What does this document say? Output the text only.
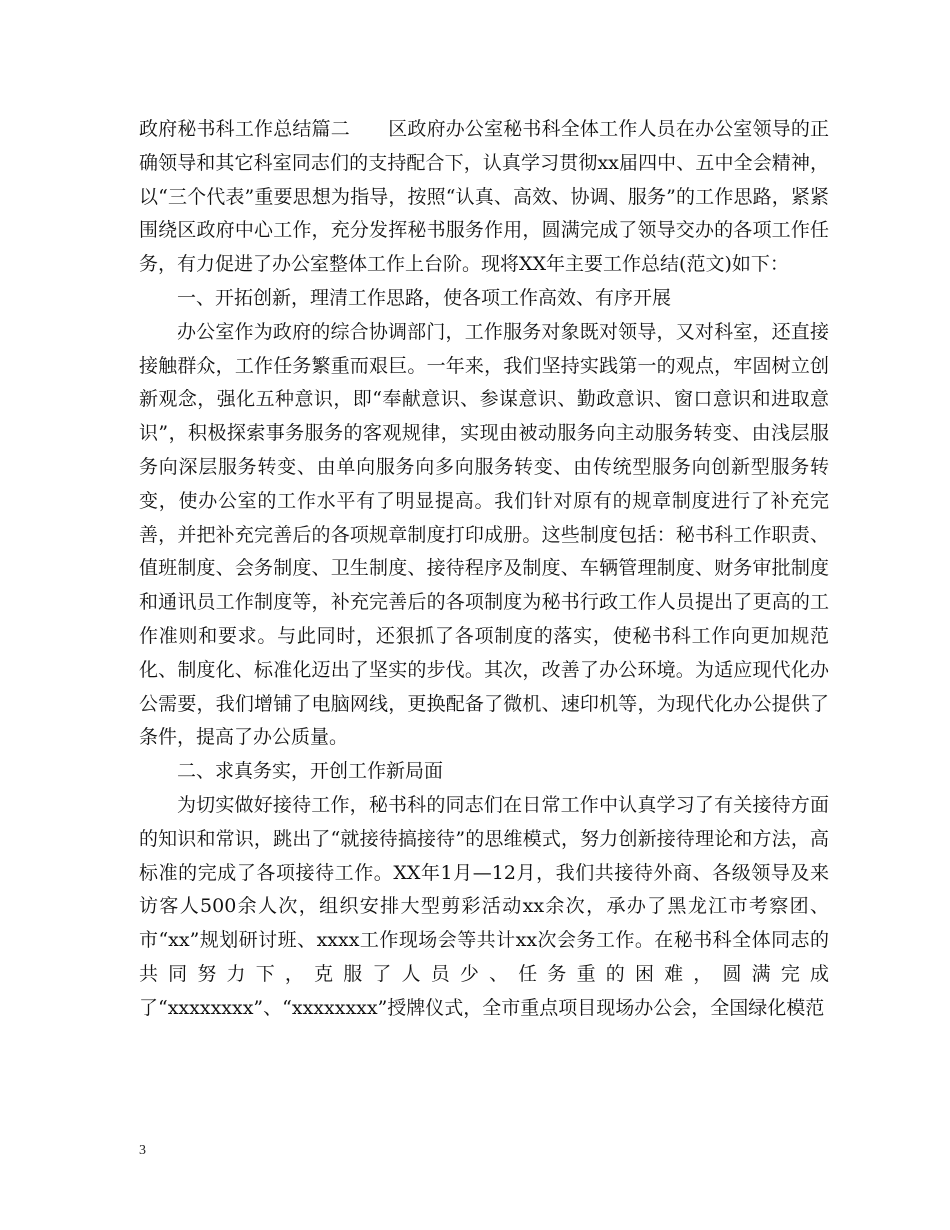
政府秘书科工作总结篇二　　区政府办公室秘书科全体工作人员在办公室领导的正确领导和其它科室同志们的支持配合下，认真学习贯彻xx届四中、五中全会精神，以“三个代表”重要思想为指导，按照“认真、高效、协调、服务”的工作思路，紧紧围绕区政府中心工作，充分发挥秘书服务作用，圆满完成了领导交办的各项工作任务，有力促进了办公室整体工作上台阶。现将XX年主要工作总结(范文)如下：

一、开拓创新，理清工作思路，使各项工作高效、有序开展

办公室作为政府的综合协调部门，工作服务对象既对领导，又对科室，还直接接触群众，工作任务繁重而艰巨。一年来，我们坚持实践第一的观点，牢固树立创新观念，强化五种意识，即“奉献意识、参谋意识、勤政意识、窗口意识和进取意识”，积极探索事务服务的客观规律，实现由被动服务向主动服务转变、由浅层服务向深层服务转变、由单向服务向多向服务转变、由传统型服务向创新型服务转变，使办公室的工作水平有了明显提高。我们针对原有的规章制度进行了补充完善，并把补充完善后的各项规章制度打印成册。这些制度包括：秘书科工作职责、值班制度、会务制度、卫生制度、接待程序及制度、车辆管理制度、财务审批制度和通讯员工作制度等，补充完善后的各项制度为秘书行政工作人员提出了更高的工作准则和要求。与此同时，还狠抓了各项制度的落实，使秘书科工作向更加规范化、制度化、标准化迈出了坚实的步伐。其次，改善了办公环境。为适应现代化办公需要，我们增铺了电脑网线，更换配备了微机、速印机等，为现代化办公提供了条件，提高了办公质量。

二、求真务实，开创工作新局面

为切实做好接待工作，秘书科的同志们在日常工作中认真学习了有关接待方面的知识和常识，跳出了“就接待搞接待”的思维模式，努力创新接待理论和方法，高标准的完成了各项接待工作。XX年1月—12月，我们共接待外商、各级领导及来访客人500余人次，组织安排大型剪彩活动xx余次，承办了黑龙江市考察团、市“xx”规划研讨班、xxxx工作现场会等共计xx次会务工作。在秘书科全体同志的共同努力下，克服了人员少、任务重的困难，圆满完成了“xxxxxxxx”、“xxxxxxxx”授牌仪式，全市重点项目现场办公会，全国绿化模范

3
